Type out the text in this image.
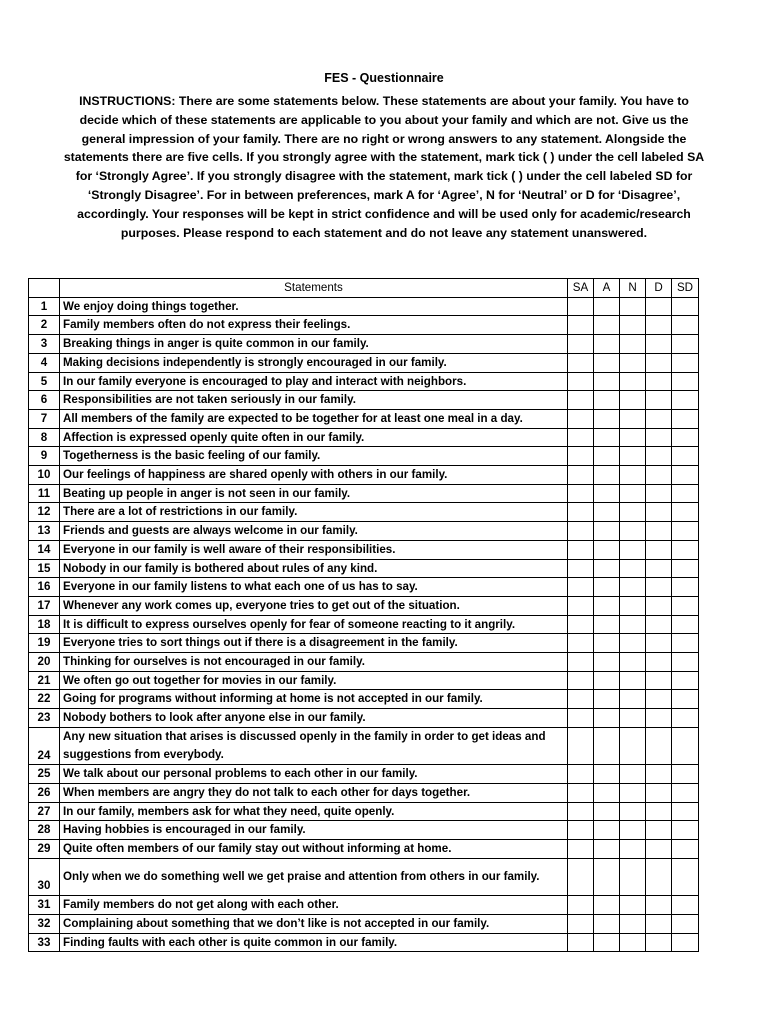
FES - Questionnaire
INSTRUCTIONS: There are some statements below. These statements are about your family. You have to decide which of these statements are applicable to you about your family and which are not. Give us the general impression of your family. There are no right or wrong answers to any statement. Alongside the statements there are five cells. If you strongly agree with the statement, mark tick ( ) under the cell labeled SA for ‘Strongly Agree’. If you strongly disagree with the statement, mark tick ( ) under the cell labeled SD for ‘Strongly Disagree’. For in between preferences, mark A for ‘Agree’, N for ‘Neutral’ or D for ‘Disagree’, accordingly. Your responses will be kept in strict confidence and will be used only for academic/research purposes. Please respond to each statement and do not leave any statement unanswered.
	Statements	SA	A	N	D	SD
1	We enjoy doing things together.					
2	Family members often do not express their feelings.					
3	Breaking things in anger is quite common in our family.					
4	Making decisions independently is strongly encouraged in our family.					
5	In our family everyone is encouraged to play and interact with neighbors.					
6	Responsibilities are not taken seriously in our family.					
7	All members of the family are expected to be together for at least one meal in a day.					
8	Affection is expressed openly quite often in our family.					
9	Togetherness is the basic feeling of our family.					
10	Our feelings of happiness are shared openly with others in our family.					
11	Beating up people in anger is not seen in our family.					
12	There are a lot of restrictions in our family.					
13	Friends and guests are always welcome in our family.					
14	Everyone in our family is well aware of their responsibilities.					
15	Nobody in our family is bothered about rules of any kind.					
16	Everyone in our family listens to what each one of us has to say.					
17	Whenever any work comes up, everyone tries to get out of the situation.					
18	It is difficult to express ourselves openly for fear of someone reacting to it angrily.					
19	Everyone tries to sort things out if there is a disagreement in the family.					
20	Thinking for ourselves is not encouraged in our family.					
21	We often go out together for movies in our family.					
22	Going for programs without informing at home is not accepted in our family.					
23	Nobody bothers to look after anyone else in our family.					
24	Any new situation that arises is discussed openly in the family in order to get ideas and suggestions from everybody.					
25	We talk about our personal problems to each other in our family.					
26	When members are angry they do not talk to each other for days together.					
27	In our family, members ask for what they need, quite openly.					
28	Having hobbies is encouraged in our family.					
29	Quite often members of our family stay out without informing at home.					
30	Only when we do something well we get praise and attention from others in our family.					
31	Family members do not get along with each other.					
32	Complaining about something that we don’t like is not accepted in our family.					
33	Finding faults with each other is quite common in our family.					
